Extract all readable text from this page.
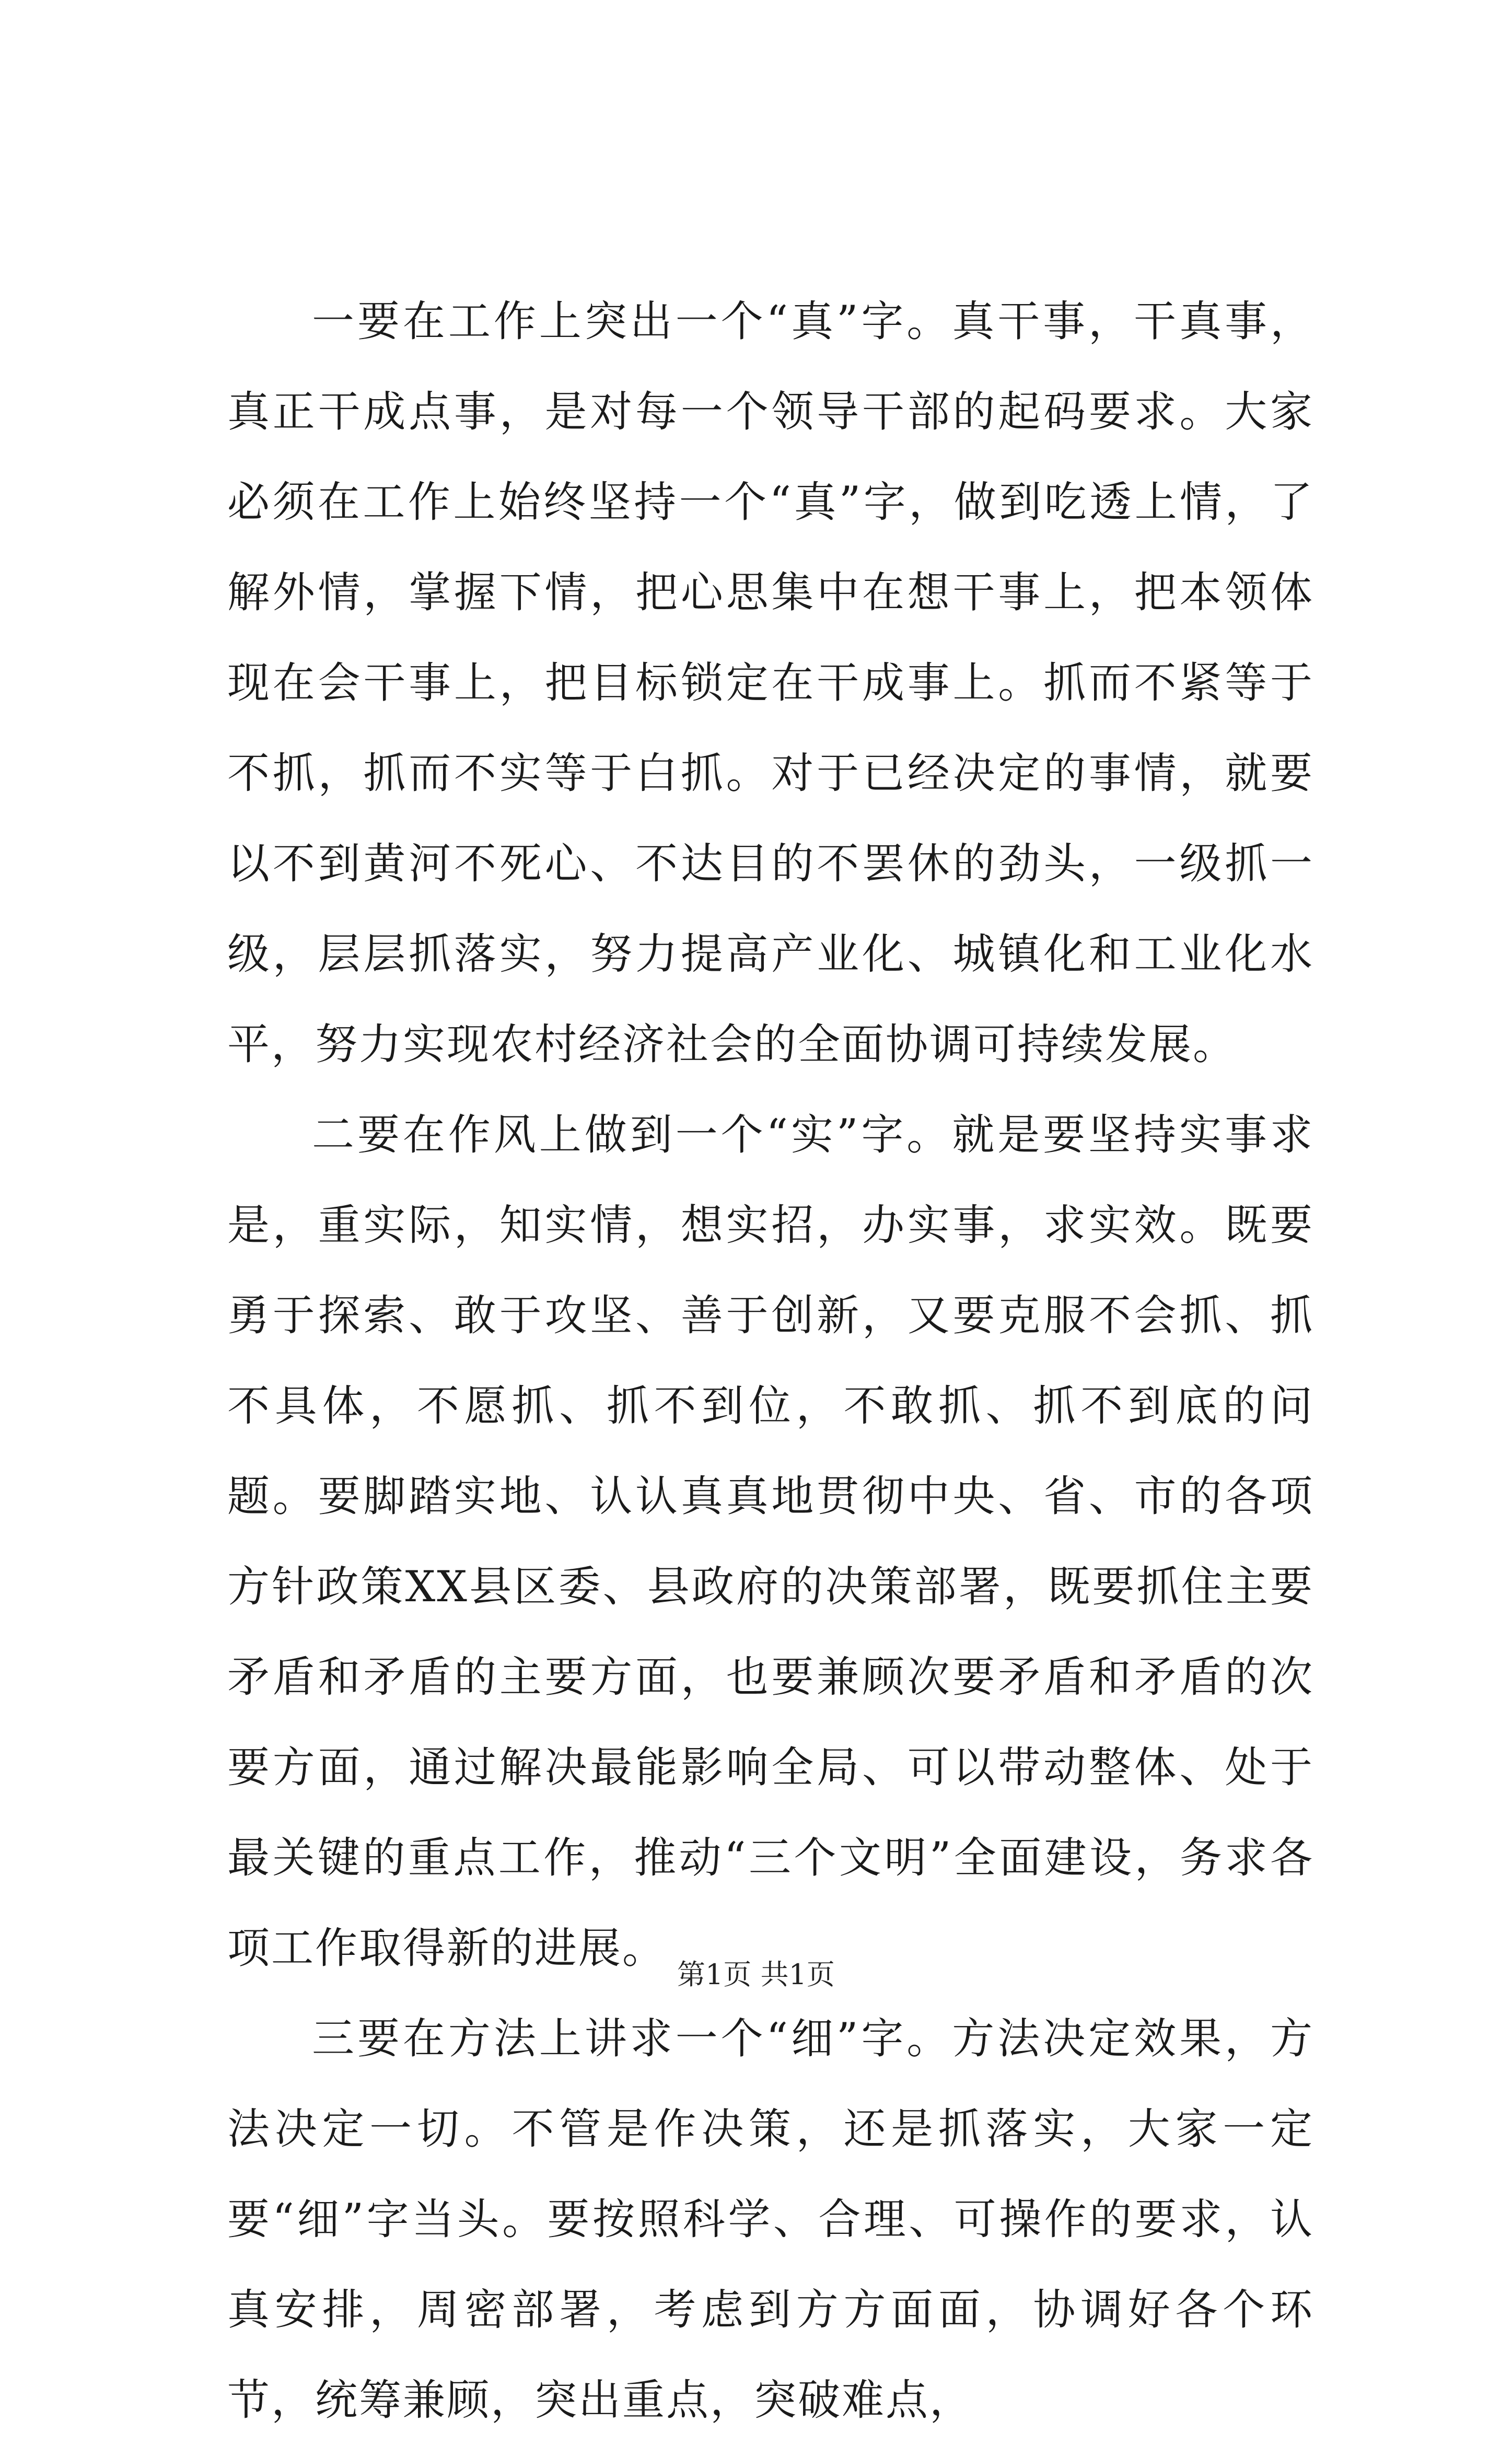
一要在工作上突出一个“真”字。真干事，干真事，真正干成点事，是对每一个领导干部的起码要求。大家必须在工作上始终坚持一个“真”字，做到吃透上情，了解外情，掌握下情，把心思集中在想干事上，把本领体现在会干事上，把目标锁定在干成事上。抓而不紧等于不抓，抓而不实等于白抓。对于已经决定的事情，就要以不到黄河不死心、不达目的不罢休的劲头，一级抓一级，层层抓落实，努力提高产业化、城镇化和工业化水平，努力实现农村经济社会的全面协调可持续发展。

二要在作风上做到一个“实”字。就是要坚持实事求是，重实际，知实情，想实招，办实事，求实效。既要勇于探索、敢于攻坚、善于创新，又要克服不会抓、抓不具体，不愿抓、抓不到位，不敢抓、抓不到底的问题。要脚踏实地、认认真真地贯彻中央、省、市的各项方针政策XX县区委、县政府的决策部署，既要抓住主要矛盾和矛盾的主要方面，也要兼顾次要矛盾和矛盾的次要方面，通过解决最能影响全局、可以带动整体、处于最关键的重点工作，推动“三个文明”全面建设，务求各项工作取得新的进展。

三要在方法上讲求一个“细”字。方法决定效果，方法决定一切。不管是作决策，还是抓落实，大家一定要“细”字当头。要按照科学、合理、可操作的要求，认真安排，周密部署，考虑到方方面面，协调好各个环节，统筹兼顾，突出重点，突破难点，

第1页 共1页
